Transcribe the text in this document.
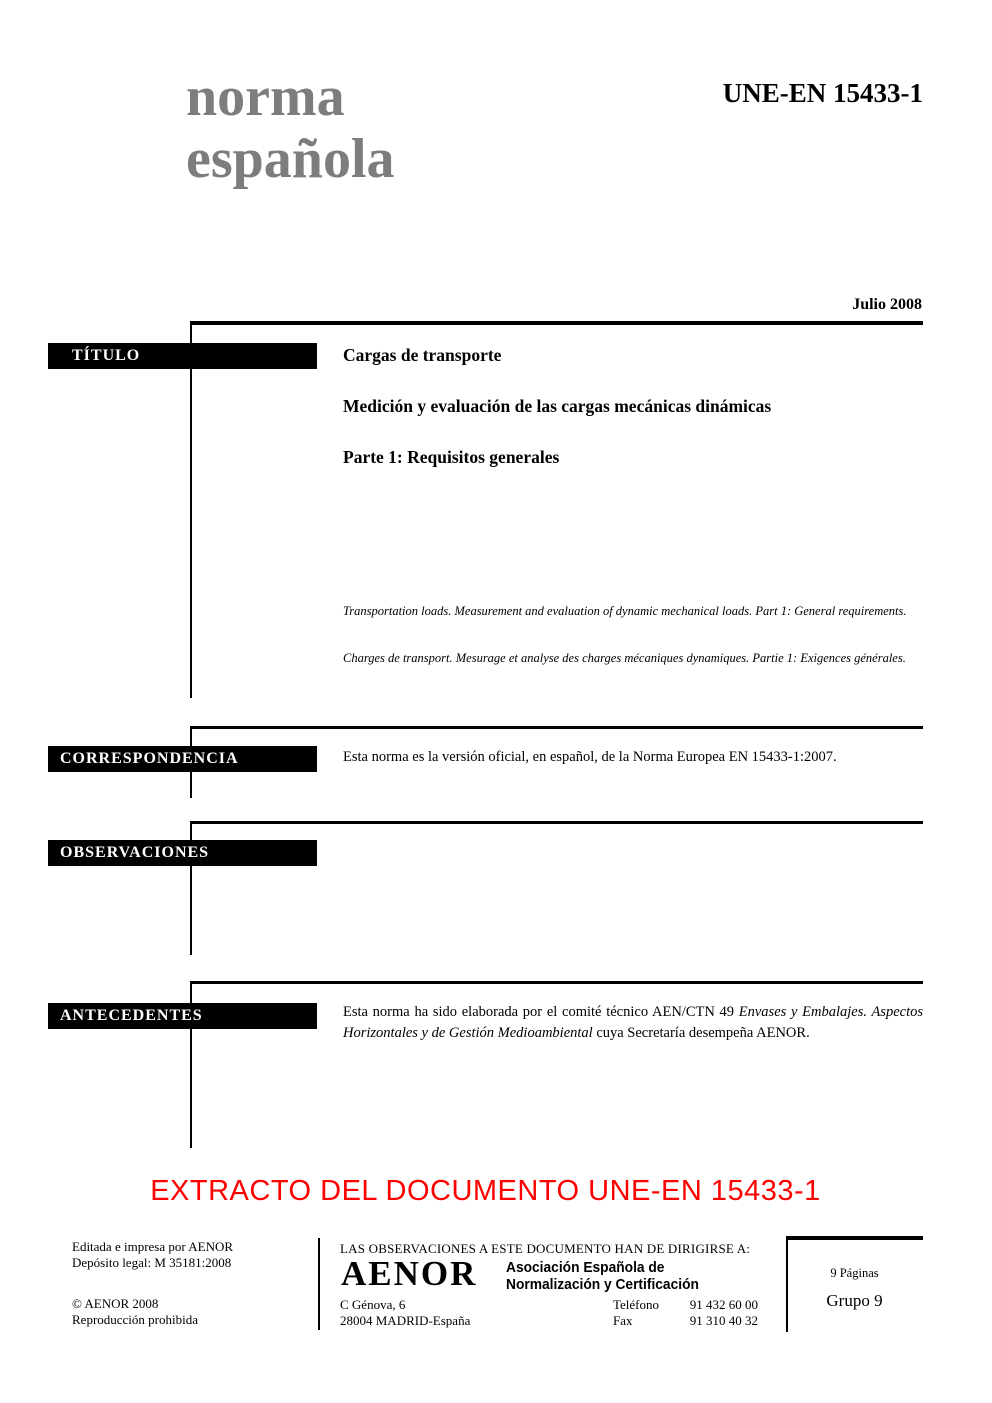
norma
española
UNE-EN 15433-1
Julio 2008
TÍTULO
CORRESPONDENCIA
OBSERVACIONES
ANTECEDENTES
Cargas de transporte
Medición y evaluación de las cargas mecánicas dinámicas
Parte 1: Requisitos generales
Transportation loads. Measurement and evaluation of dynamic mechanical loads. Part 1: General requirements.
Charges de transport. Mesurage et analyse des charges mécaniques dynamiques. Partie 1: Exigences générales.
Esta norma es la versión oficial, en español, de la Norma Europea EN 15433-1:2007.
Esta norma ha sido elaborada por el comité técnico AEN/CTN 49 Envases y Embalajes. Aspectos Horizontales y de Gestión Medioambiental cuya Secretaría desempeña AENOR.
EXTRACTO DEL DOCUMENTO UNE-EN 15433-1
Editada e impresa por AENOR
Depósito legal: M 35181:2008
© AENOR 2008
Reproducción prohibida
LAS OBSERVACIONES A ESTE DOCUMENTO HAN DE DIRIGIRSE A:
AENOR Asociación Española de
Normalización y Certificación
C Génova, 6
28004 MADRID-España
Teléfono	91 432 60 00
Fax	91 310 40 32
9 Páginas
Grupo 9
